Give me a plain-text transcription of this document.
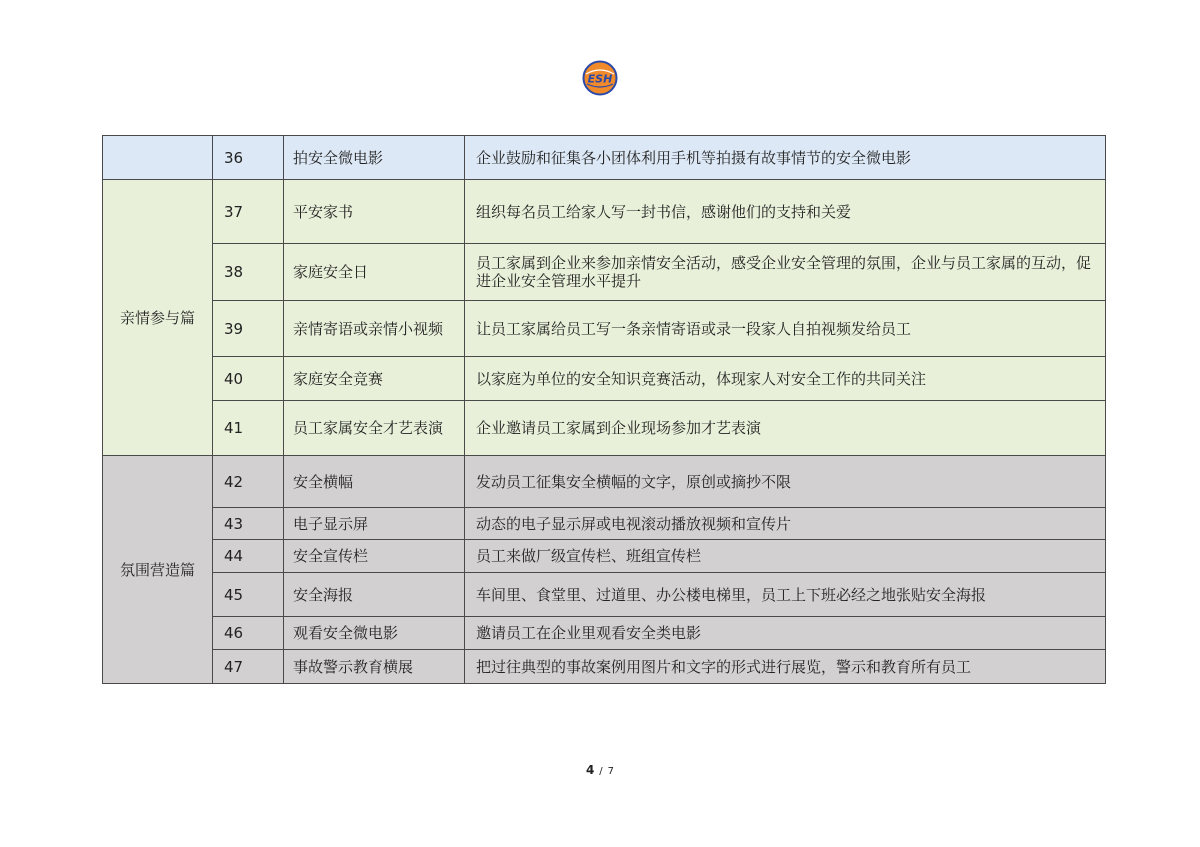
ESH
	36	拍安全微电影	企业鼓励和征集各小团体利用手机等拍摄有故事情节的安全微电影
亲情参与篇	37	平安家书	组织每名员工给家人写一封书信，感谢他们的支持和关爱
	38	家庭安全日	员工家属到企业来参加亲情安全活动，感受企业安全管理的氛围，企业与员工家属的互动，促进企业安全管理水平提升
	39	亲情寄语或亲情小视频	让员工家属给员工写一条亲情寄语或录一段家人自拍视频发给员工
	40	家庭安全竞赛	以家庭为单位的安全知识竞赛活动，体现家人对安全工作的共同关注
	41	员工家属安全才艺表演	企业邀请员工家属到企业现场参加才艺表演
氛围营造篇	42	安全横幅	发动员工征集安全横幅的文字，原创或摘抄不限
	43	电子显示屏	动态的电子显示屏或电视滚动播放视频和宣传片
	44	安全宣传栏	员工来做厂级宣传栏、班组宣传栏
	45	安全海报	车间里、食堂里、过道里、办公楼电梯里，员工上下班必经之地张贴安全海报
	46	观看安全微电影	邀请员工在企业里观看安全类电影
	47	事故警示教育横展	把过往典型的事故案例用图片和文字的形式进行展览，警示和教育所有员工
4 / 7
